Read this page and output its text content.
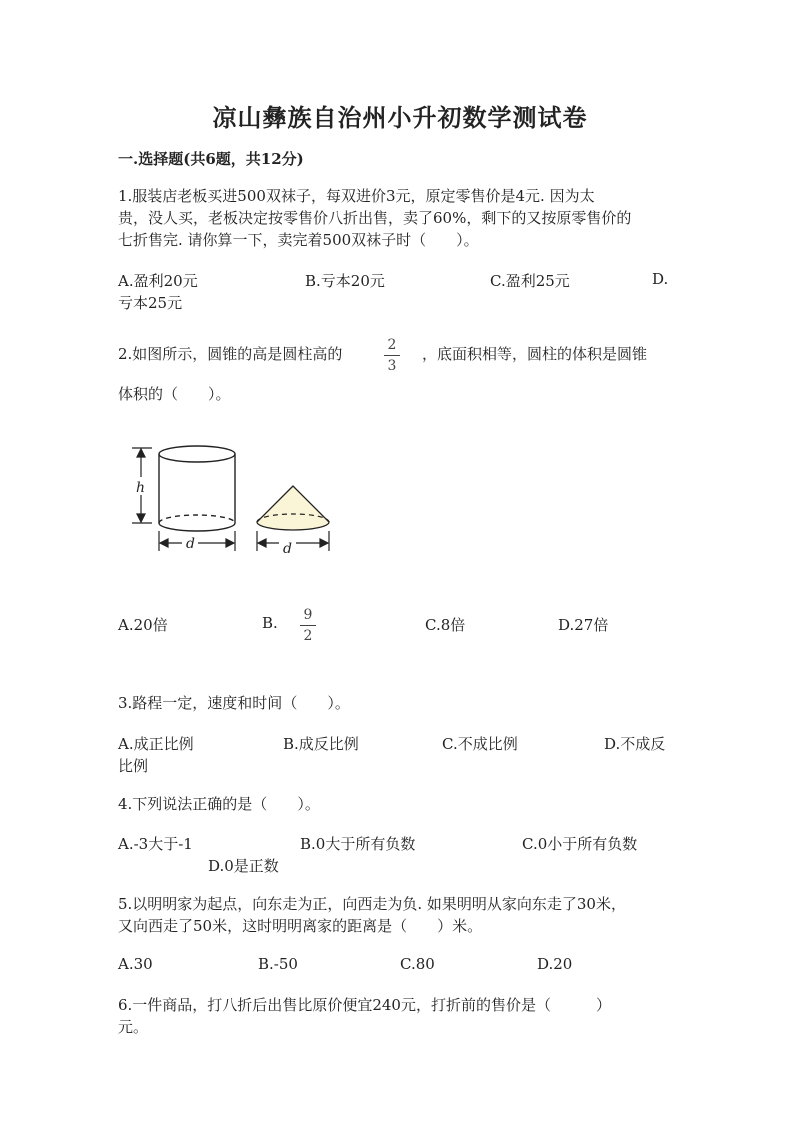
凉山彝族自治州小升初数学测试卷
一.选择题(共6题，共12分)
1.服装店老板买进500双袜子，每双进价3元，原定零售价是4元. 因为太
贵，没人买，老板决定按零售价八折出售，卖了60%，剩下的又按原零售价的
七折售完. 请你算一下，卖完着500双袜子时（　　）。
A.盈利20元	B.亏本20元	C.盈利25元	D.
亏本25元
2.如图所示，圆锥的高是圆柱高的	2
3
，底面积相等，圆柱的体积是圆锥
体积的（　　）。
h
d	d
A.20倍	B. 9
2
C.8倍	D.27倍
3.路程一定，速度和时间（　　）。
A.成正比例	B.成反比例	C.不成比例	D.不成反
比例
4.下列说法正确的是（　　）。
A.-3大于-1	B.0大于所有负数	C.0小于所有负数
D.0是正数
5.以明明家为起点，向东走为正，向西走为负. 如果明明从家向东走了30米，
又向西走了50米，这时明明离家的距离是（　　）米。
A.30	B.-50	C.80	D.20
6.一件商品，打八折后出售比原价便宜240元，打折前的售价是（　　　）
元。
